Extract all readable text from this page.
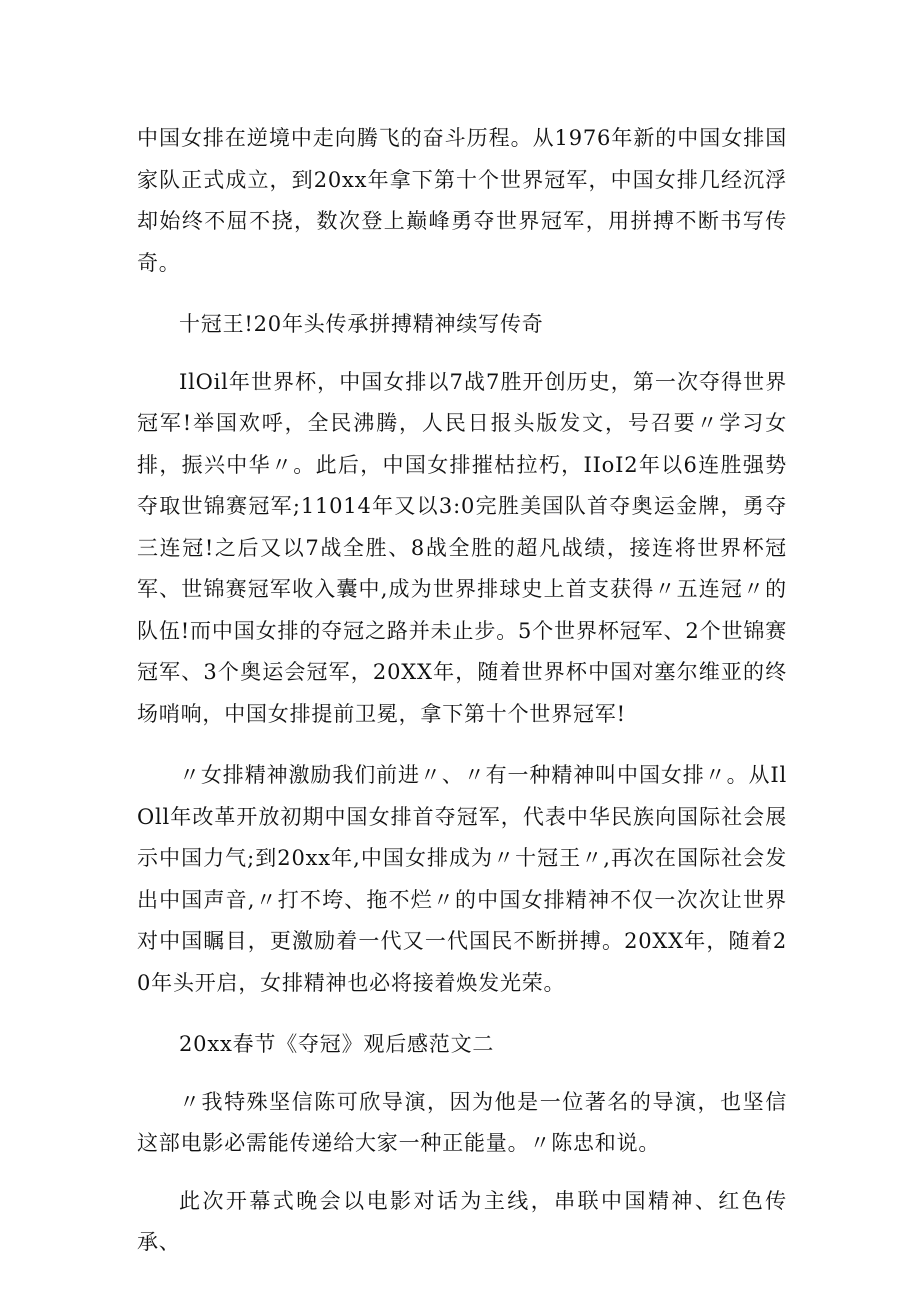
中国女排在逆境中走向腾飞的奋斗历程。从1976年新的中国女排国家队正式成立，到20xx年拿下第十个世界冠军，中国女排几经沉浮却始终不屈不挠，数次登上巅峰勇夺世界冠军，用拼搏不断书写传奇。

十冠王!20年头传承拼搏精神续写传奇

IlOil年世界杯，中国女排以7战7胜开创历史，第一次夺得世界冠军!举国欢呼，全民沸腾，人民日报头版发文，号召要〃学习女排，振兴中华〃。此后，中国女排摧枯拉朽，IIoI2年以6连胜强势夺取世锦赛冠军;11014年又以3:0完胜美国队首夺奥运金牌，勇夺三连冠!之后又以7战全胜、8战全胜的超凡战绩，接连将世界杯冠军、世锦赛冠军收入囊中,成为世界排球史上首支获得〃五连冠〃的队伍!而中国女排的夺冠之路并未止步。5个世界杯冠军、2个世锦赛冠军、3个奥运会冠军，20XX年，随着世界杯中国对塞尔维亚的终场哨响，中国女排提前卫冕，拿下第十个世界冠军!

〃女排精神激励我们前进〃、〃有一种精神叫中国女排〃。从IlOll年改革开放初期中国女排首夺冠军，代表中华民族向国际社会展示中国力气;到20xx年,中国女排成为〃十冠王〃,再次在国际社会发出中国声音,〃打不垮、拖不烂〃的中国女排精神不仅一次次让世界对中国瞩目，更激励着一代又一代国民不断拼搏。20XX年，随着20年头开启，女排精神也必将接着焕发光荣。

20xx春节《夺冠》观后感范文二

〃我特殊坚信陈可欣导演，因为他是一位著名的导演，也坚信这部电影必需能传递给大家一种正能量。〃陈忠和说。

此次开幕式晚会以电影对话为主线，串联中国精神、红色传承、
